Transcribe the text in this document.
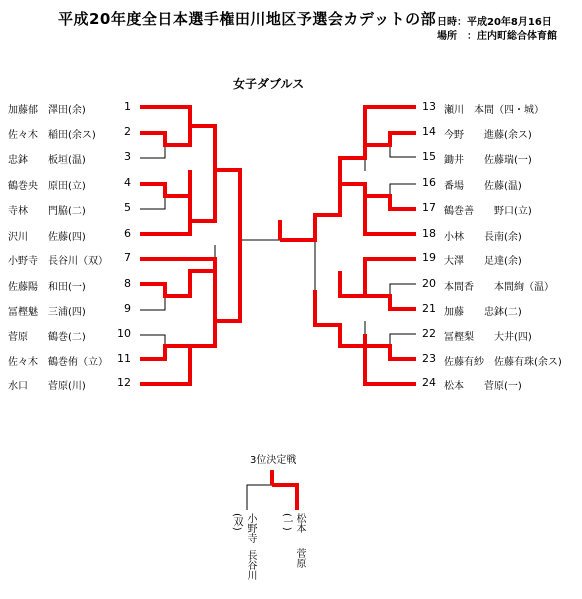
平成20年度全日本選手権田川地区予選会カデットの部 日時：平成20年8月16日
場所　：庄内町総合体育館
女子ダブルス
加藤郁　澤田(余)	1
佐々木　稲田(余ス)	2
忠鉢　　板垣(温)	3
鶴巻央　原田(立)	4
寺林　　門脇(二)	5
沢川　　佐藤(四)	6
小野寺　長谷川（双）	7
佐藤陽　和田(一)	8
冨樫魅　三浦(四)	9
菅原　　鶴巻(二)	10
佐々木　鶴巻侑（立） 11
水口　　菅原(川)	12
13 瀬川　本間（四・城）
14 今野　　進藤(余ス)
15 鋤井　　佐藤瑞(一)
16 番場　　佐藤(温)
17 鶴巻善　　野口(立)
18 小林　　長南(余)
19 大澤　　足達(余)
20 本間香　　本間絢（温）
21 加藤　　忠鉢(二)
22 冨樫梨　　大井(四)
23 佐藤有紗　佐藤有珠(余ス)
24 松本　　菅原(一)
3位決定戦
小野寺
長谷川
(双)	松本
菅原
(一)
